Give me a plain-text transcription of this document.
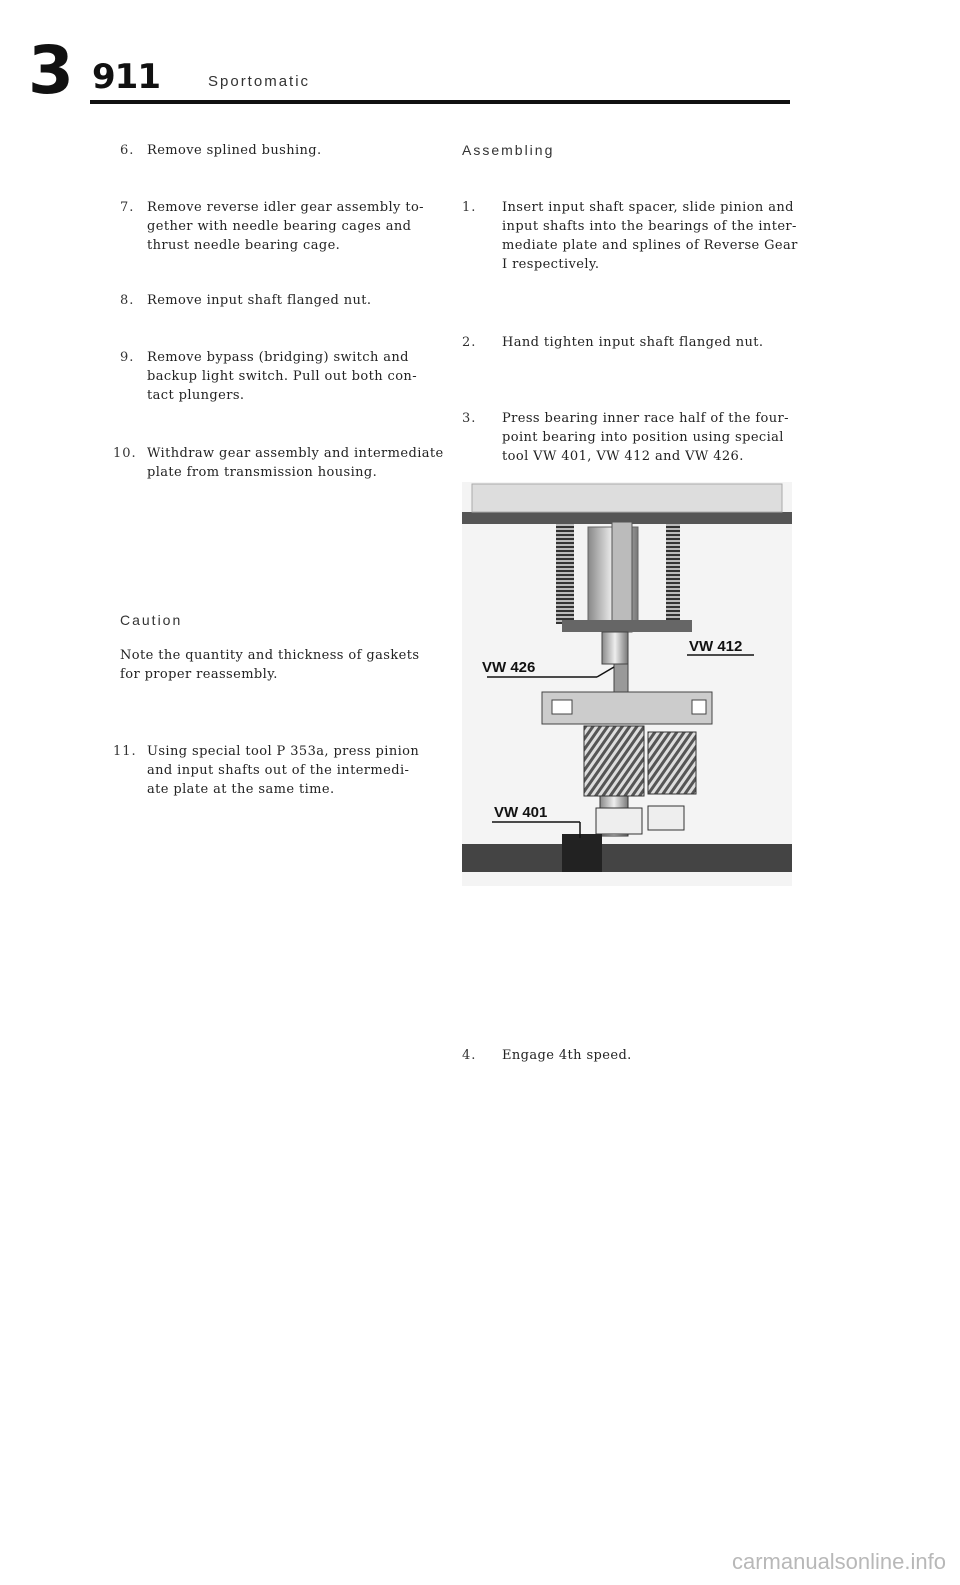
3 911	Sportomatic
6. Remove splined bushing.
7. Remove reverse idler gear assembly to-
gether with needle bearing cages and
thrust needle bearing cage.
8. Remove input shaft flanged nut.
9. Remove bypass (bridging) switch and
backup light switch. Pull out both con-
tact plungers.
10. Withdraw gear assembly and intermediate
plate from transmission housing.
Caution
Note the quantity and thickness of gaskets
for proper reassembly.
11. Using special tool P 353a, press pinion
and input shafts out of the intermedi-
ate plate at the same time.
Assembling
1. Insert input shaft spacer, slide pinion and
input shafts into the bearings of the inter-
mediate plate and splines of Reverse Gear
I respectively.
2. Hand tighten input shaft flanged nut.
3. Press bearing inner race half of the four-
point bearing into position using special
tool VW 401, VW 412 and VW 426.
VW 412
VW 426
VW 401
4. Engage 4th speed.
carmanualsonline.info
